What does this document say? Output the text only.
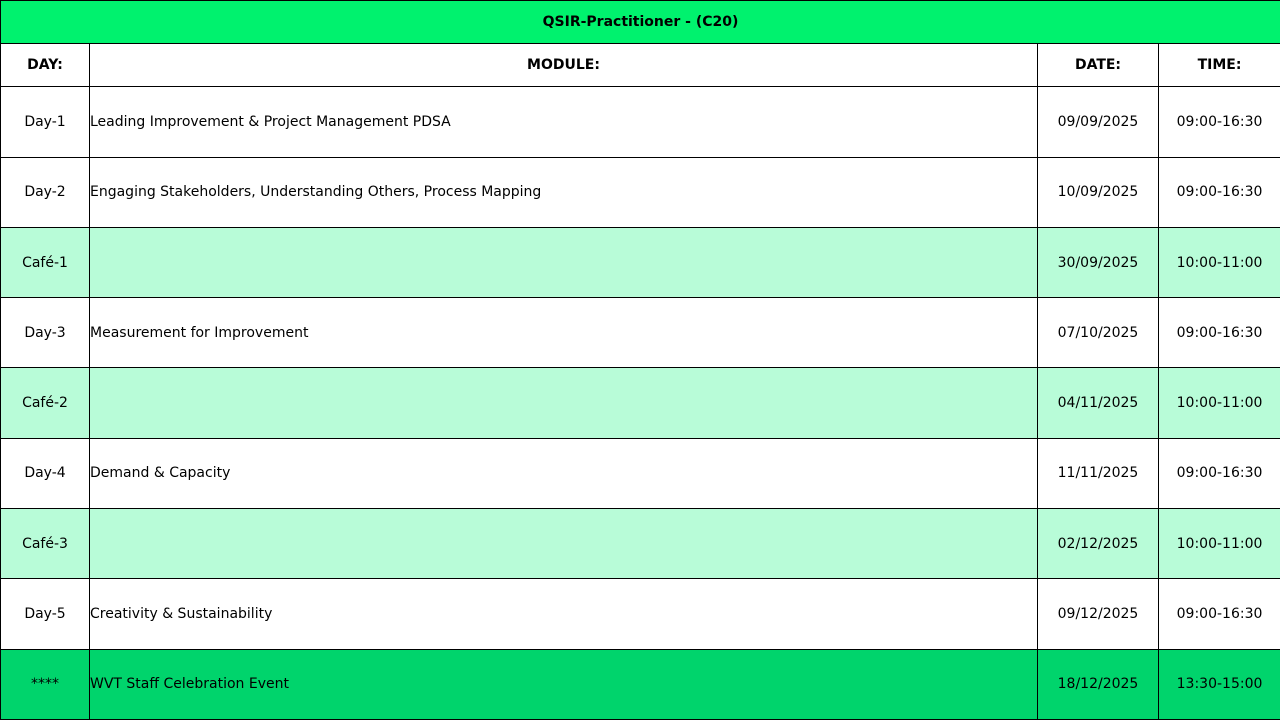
QSIR-Practitioner - (C20)			
DAY:	MODULE:	DATE:	TIME:
Day-1	Leading Improvement & Project Management PDSA	09/09/2025	09:00-16:30
Day-2	Engaging Stakeholders, Understanding Others, Process Mapping	10/09/2025	09:00-16:30
Café-1		30/09/2025	10:00-11:00
Day-3	Measurement for Improvement	07/10/2025	09:00-16:30
Café-2		04/11/2025	10:00-11:00
Day-4	Demand & Capacity	11/11/2025	09:00-16:30
Café-3		02/12/2025	10:00-11:00
Day-5	Creativity & Sustainability	09/12/2025	09:00-16:30
****	WVT Staff Celebration Event	18/12/2025	13:30-15:00
